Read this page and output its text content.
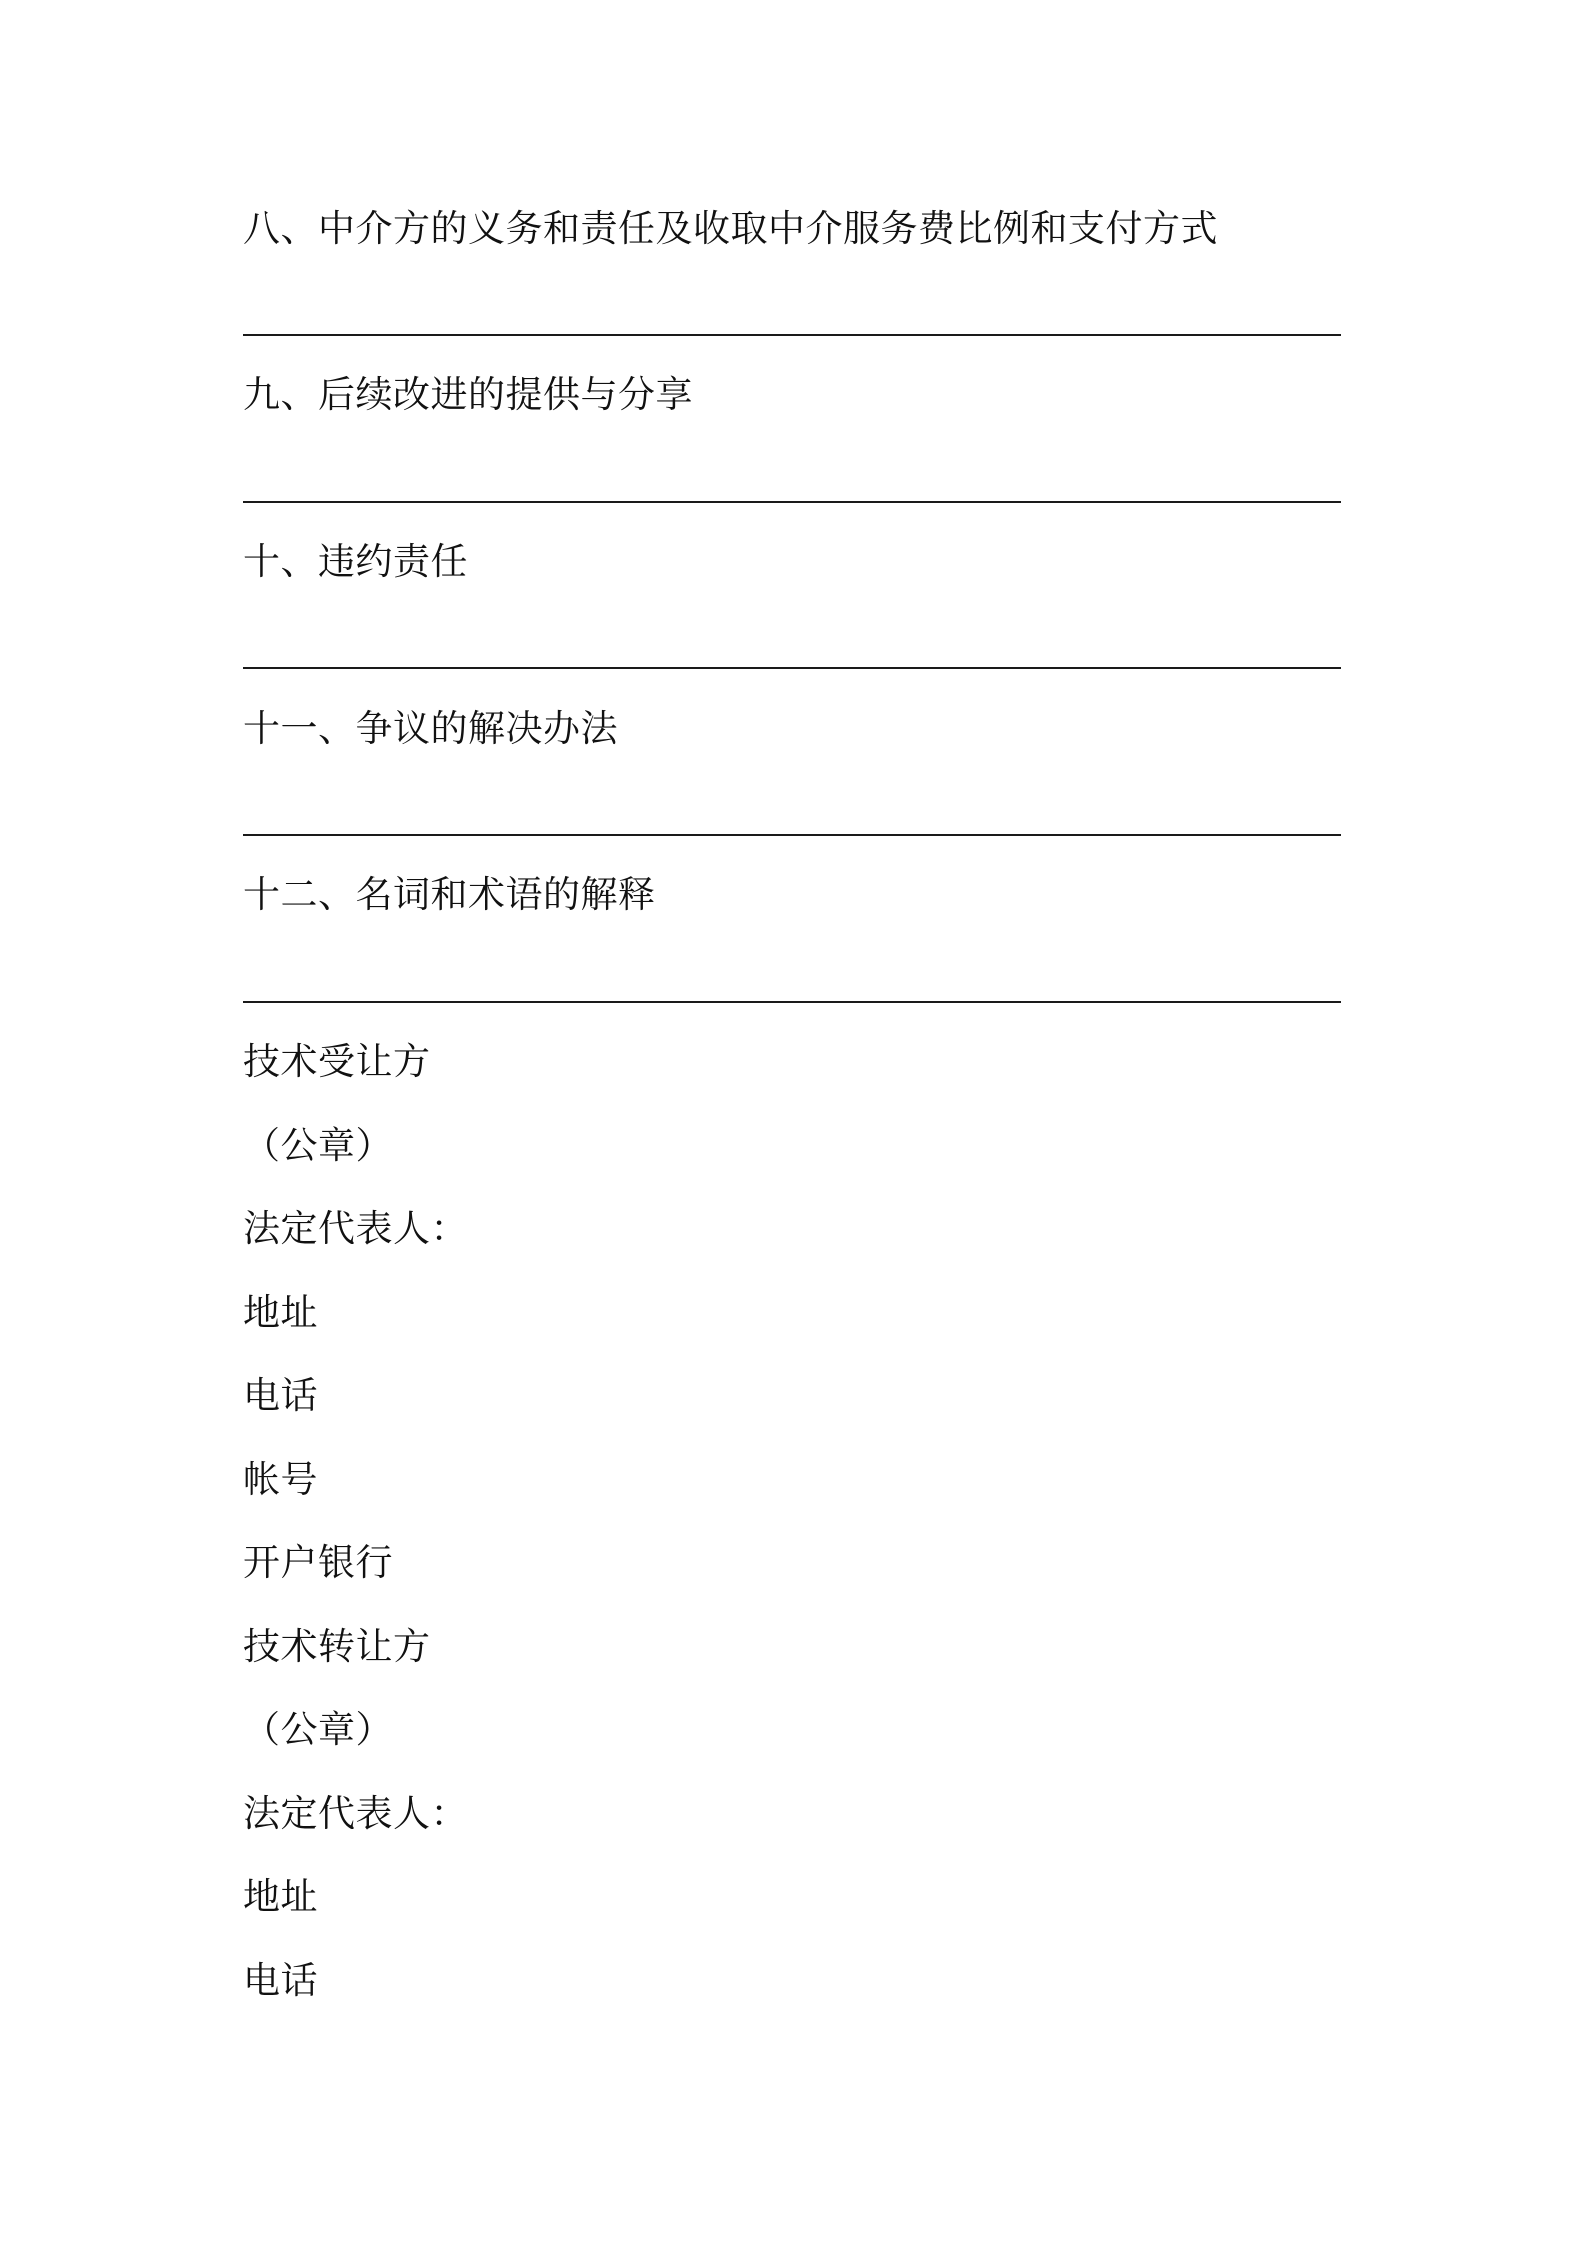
八、中介方的义务和责任及收取中介服务费比例和支付方式
九、后续改进的提供与分享
十、违约责任
十一、争议的解决办法
十二、名词和术语的解释
技术受让方
（公章）
法定代表人：
地址
电话
帐号
开户银行
技术转让方
（公章）
法定代表人：
地址
电话
